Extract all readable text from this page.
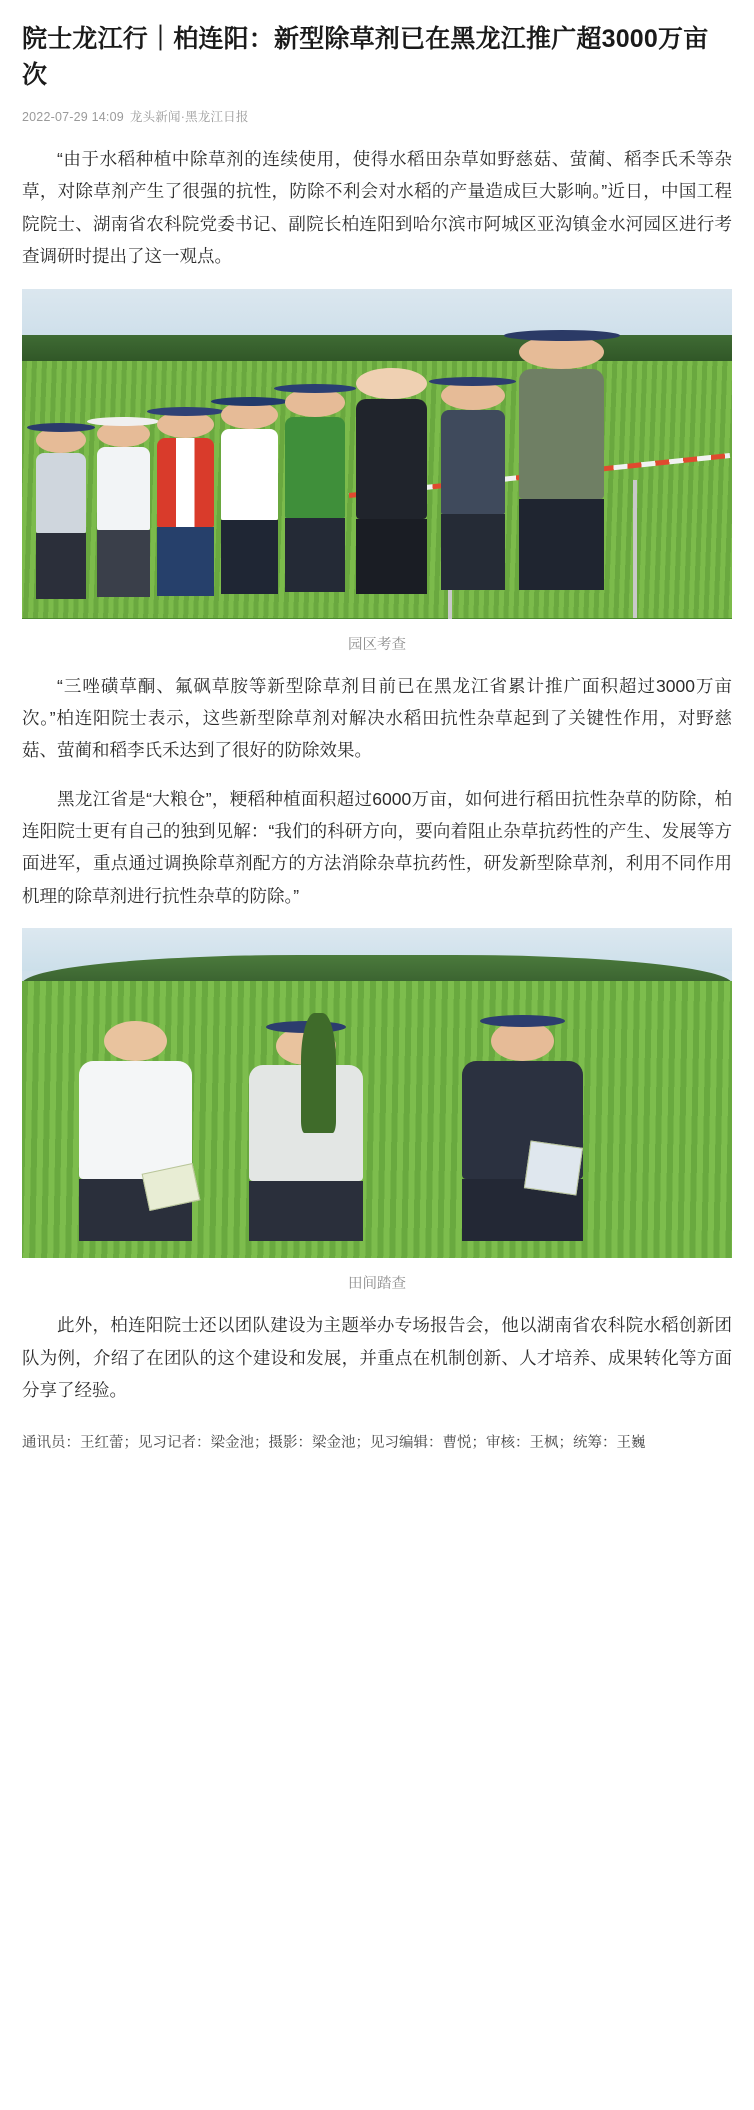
院士龙江行｜柏连阳：新型除草剂已在黑龙江推广超3000万亩次
2022-07-29 14:09 龙头新闻·黑龙江日报

“由于水稻种植中除草剂的连续使用，使得水稻田杂草如野慈菇、萤蔺、稻李氏禾等杂草，对除草剂产生了很强的抗性，防除不利会对水稻的产量造成巨大影响。”近日，中国工程院院士、湖南省农科院党委书记、副院长柏连阳到哈尔滨市阿城区亚沟镇金水河园区进行考查调研时提出了这一观点。

园区考查

“三唑磺草酮、氟砜草胺等新型除草剂目前已在黑龙江省累计推广面积超过3000万亩次。”柏连阳院士表示，这些新型除草剂对解决水稻田抗性杂草起到了关键性作用，对野慈菇、萤蔺和稻李氏禾达到了很好的防除效果。

黑龙江省是“大粮仓”，粳稻种植面积超过6000万亩，如何进行稻田抗性杂草的防除，柏连阳院士更有自己的独到见解：“我们的科研方向，要向着阻止杂草抗药性的产生、发展等方面进军，重点通过调换除草剂配方的方法消除杂草抗药性，研发新型除草剂，利用不同作用机理的除草剂进行抗性杂草的防除。”

田间踏查

此外，柏连阳院士还以团队建设为主题举办专场报告会，他以湖南省农科院水稻创新团队为例，介绍了在团队的这个建设和发展，并重点在机制创新、人才培养、成果转化等方面分享了经验。

通讯员：王红蕾；见习记者：梁金池；摄影：梁金池；见习编辑：曹悦；审核：王枫；统筹：王巍
